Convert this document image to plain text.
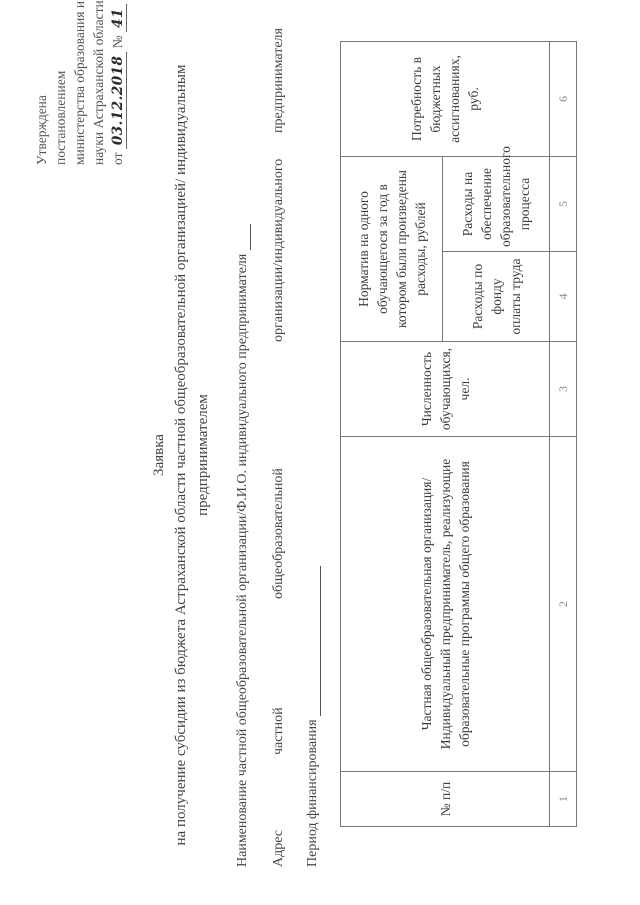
Утверждена постановлением министерства образования и науки Астраханской области от 03.12.2018 № 41
Заявка на получение субсидии из бюджета Астраханской области частной общеобразовательной организацией/ индивидуальным предпринимателем Наименование частной общеобразовательной организации/Ф.И.О. индивидуального предпринимателя	Адрес
частной
общеобразовательной
организации/индивидуального
предпринимателя
Период финансирования	№ п/п	Частная общеобразовательная организация/ Индивидуальный предприниматель, реализующие образовательные программы общего образования	Численность обучающихся, чел.	Норматив на одного обучающегося за год в котором были произведены расходы, рублей		Потребность в бюджетных ассигнованиях, руб.
			Расходы по фонду оплаты труда	Расходы на обеспечение образовательного процесса	
1	2	3	4	5	6
